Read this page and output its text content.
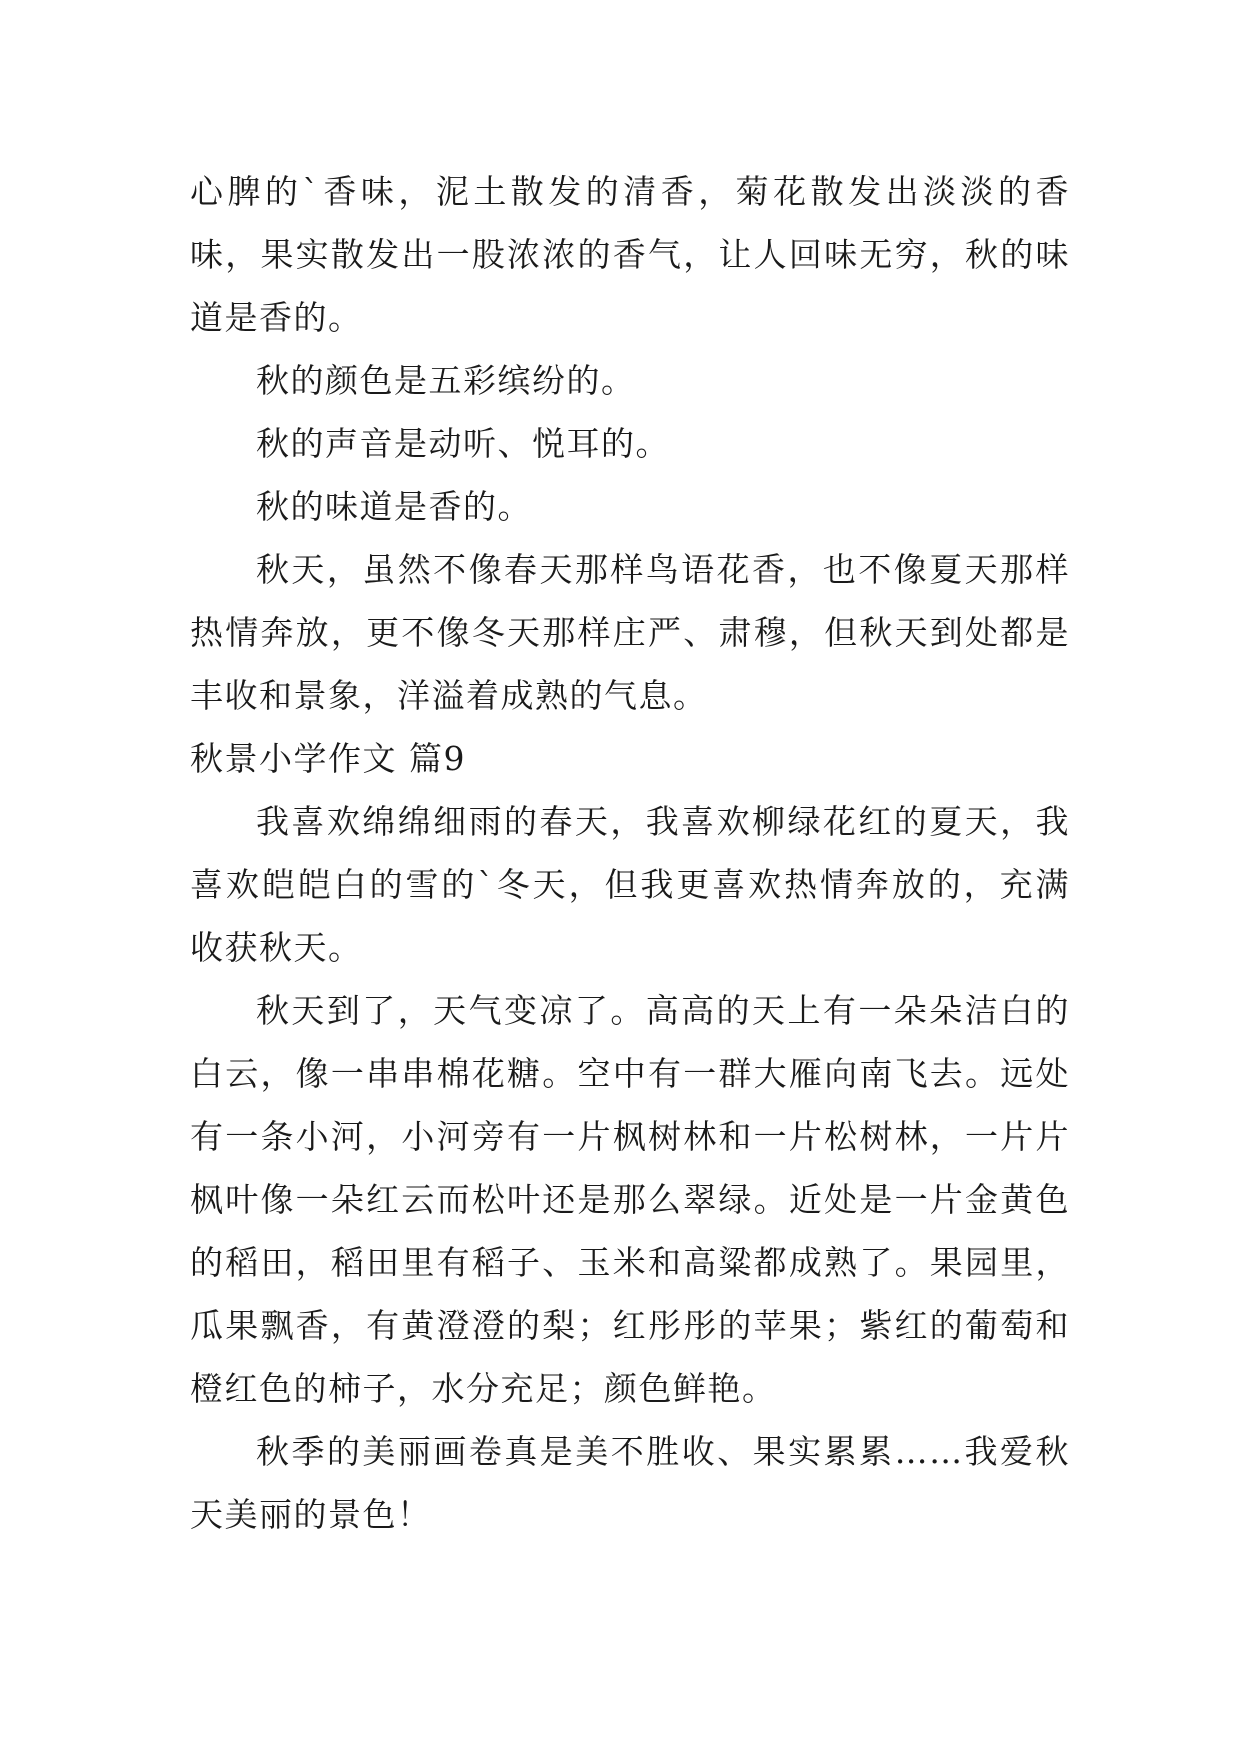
心脾的`香味，泥土散发的清香，菊花散发出淡淡的香味，果实散发出一股浓浓的香气，让人回味无穷，秋的味道是香的。

秋的颜色是五彩缤纷的。

秋的声音是动听、悦耳的。

秋的味道是香的。

秋天，虽然不像春天那样鸟语花香，也不像夏天那样热情奔放，更不像冬天那样庄严、肃穆，但秋天到处都是丰收和景象，洋溢着成熟的气息。

秋景小学作文 篇9

我喜欢绵绵细雨的春天，我喜欢柳绿花红的夏天，我喜欢皑皑白的雪的`冬天，但我更喜欢热情奔放的，充满收获秋天。

秋天到了，天气变凉了。高高的天上有一朵朵洁白的白云，像一串串棉花糖。空中有一群大雁向南飞去。远处有一条小河，小河旁有一片枫树林和一片松树林，一片片枫叶像一朵红云而松叶还是那么翠绿。近处是一片金黄色的稻田，稻田里有稻子、玉米和高粱都成熟了。果园里，瓜果飘香，有黄澄澄的梨；红彤彤的苹果；紫红的葡萄和橙红色的柿子，水分充足；颜色鲜艳。

秋季的美丽画卷真是美不胜收、果实累累……我爱秋天美丽的景色！
